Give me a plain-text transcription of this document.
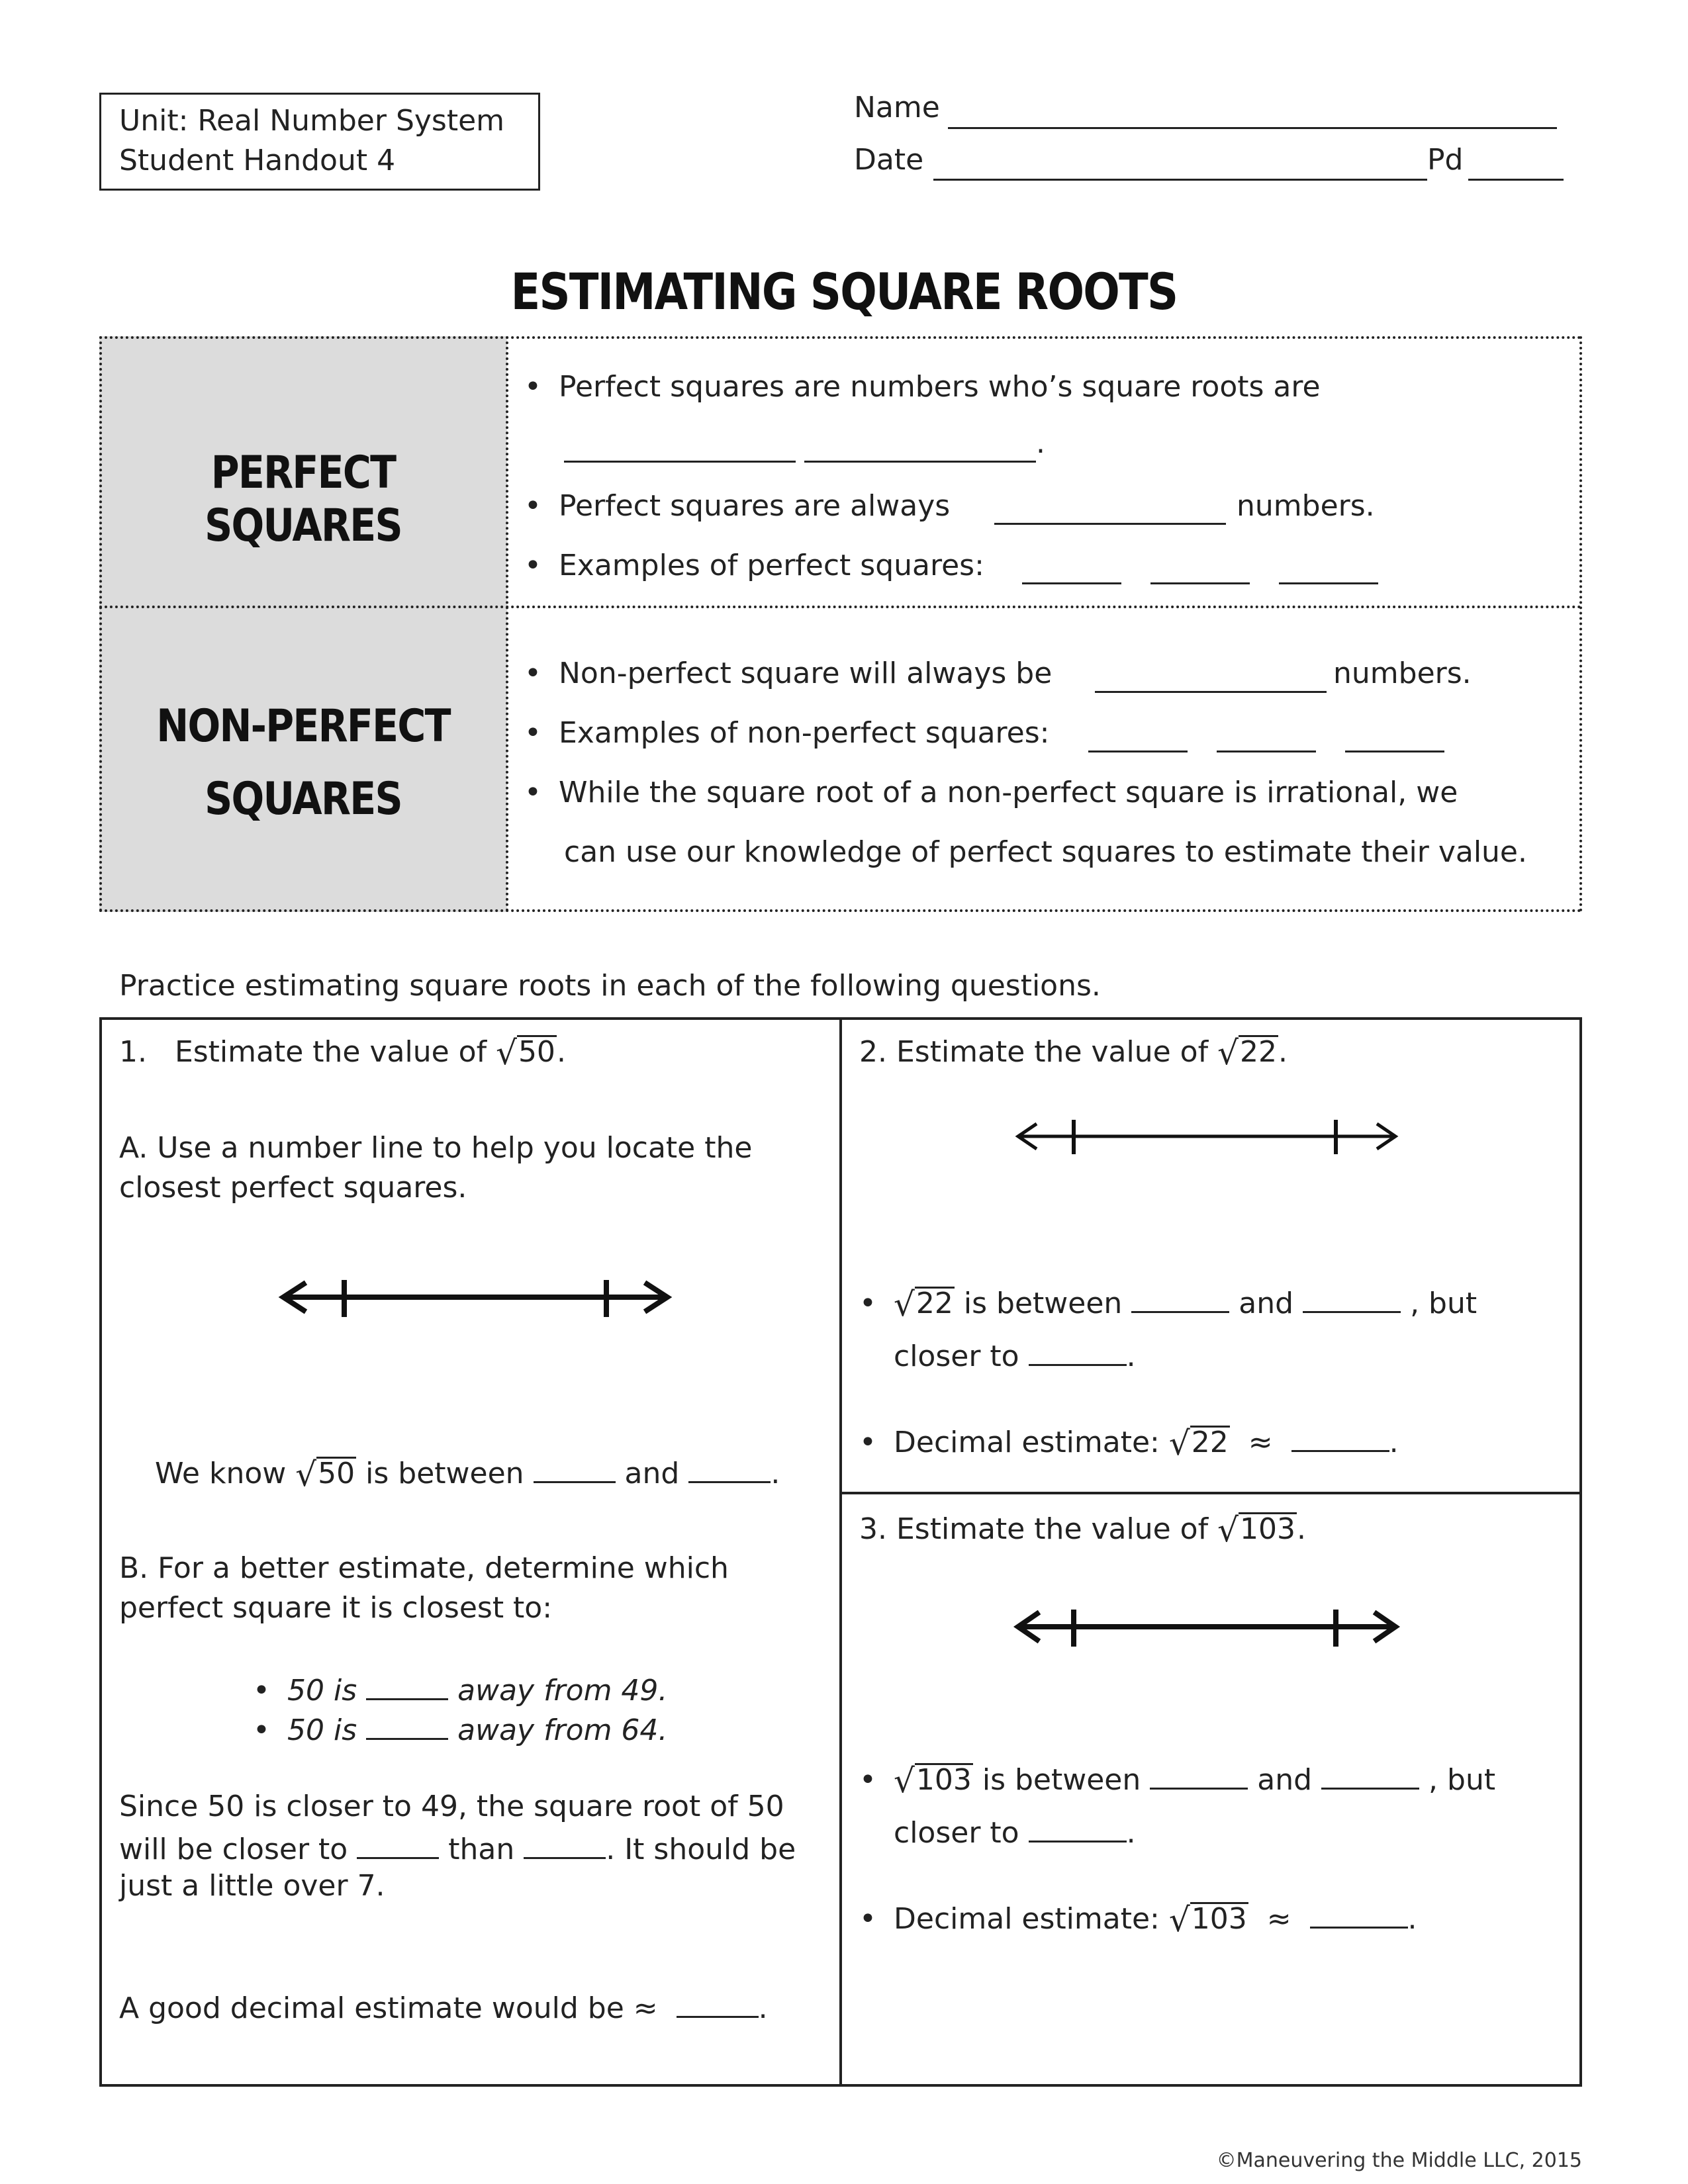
Unit: Real Number System
Student Handout 4
Name
Date	Pd
ESTIMATING SQUARE ROOTS
PERFECT SQUARES
NON-PERFECT
SQUARES
• Perfect squares are numbers who’s square roots are
.
• Perfect squares are always	numbers.
• Examples of perfect squares:
• Non-perfect square will always be	numbers.
• Examples of non-perfect squares:
• While the square root of a non-perfect square is irrational, we
can use our knowledge of perfect squares to estimate their value.
Practice estimating square roots in each of the following questions.
1. Estimate the value of √50.
A. Use a number line to help you locate the
closest perfect squares.
We know √50 is between	and	.
B. For a better estimate, determine which
perfect square it is closest to:
• 50 is	away from 49.
• 50 is	away from 64.
Since 50 is closer to 49, the square root of 50
will be closer to	than	. It should be
just a little over 7.
A good decimal estimate would be ≈	.
2. Estimate the value of √22.
• √22 is between	and	, but
closer to	.
• Decimal estimate: √22 ≈	.
3. Estimate the value of √103.
• √103 is between	and	, but
closer to	.
• Decimal estimate: √103 ≈	.
©Maneuvering the Middle LLC, 2015
